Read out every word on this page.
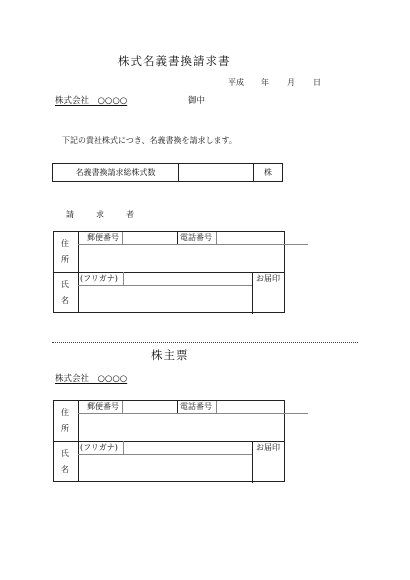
株式名義書換請求書
平成 年 月 日
株式会社　○○○○	御中
下記の貴社株式につき、名義書換を請求します。
名義書換請求総株式数	株
請　求　者
住
所
郵便番号	電話番号
氏
名
(フリガナ)	お届印
株主票
株式会社　○○○○
住
所
郵便番号	電話番号
氏
名
(フリガナ)	お届印
